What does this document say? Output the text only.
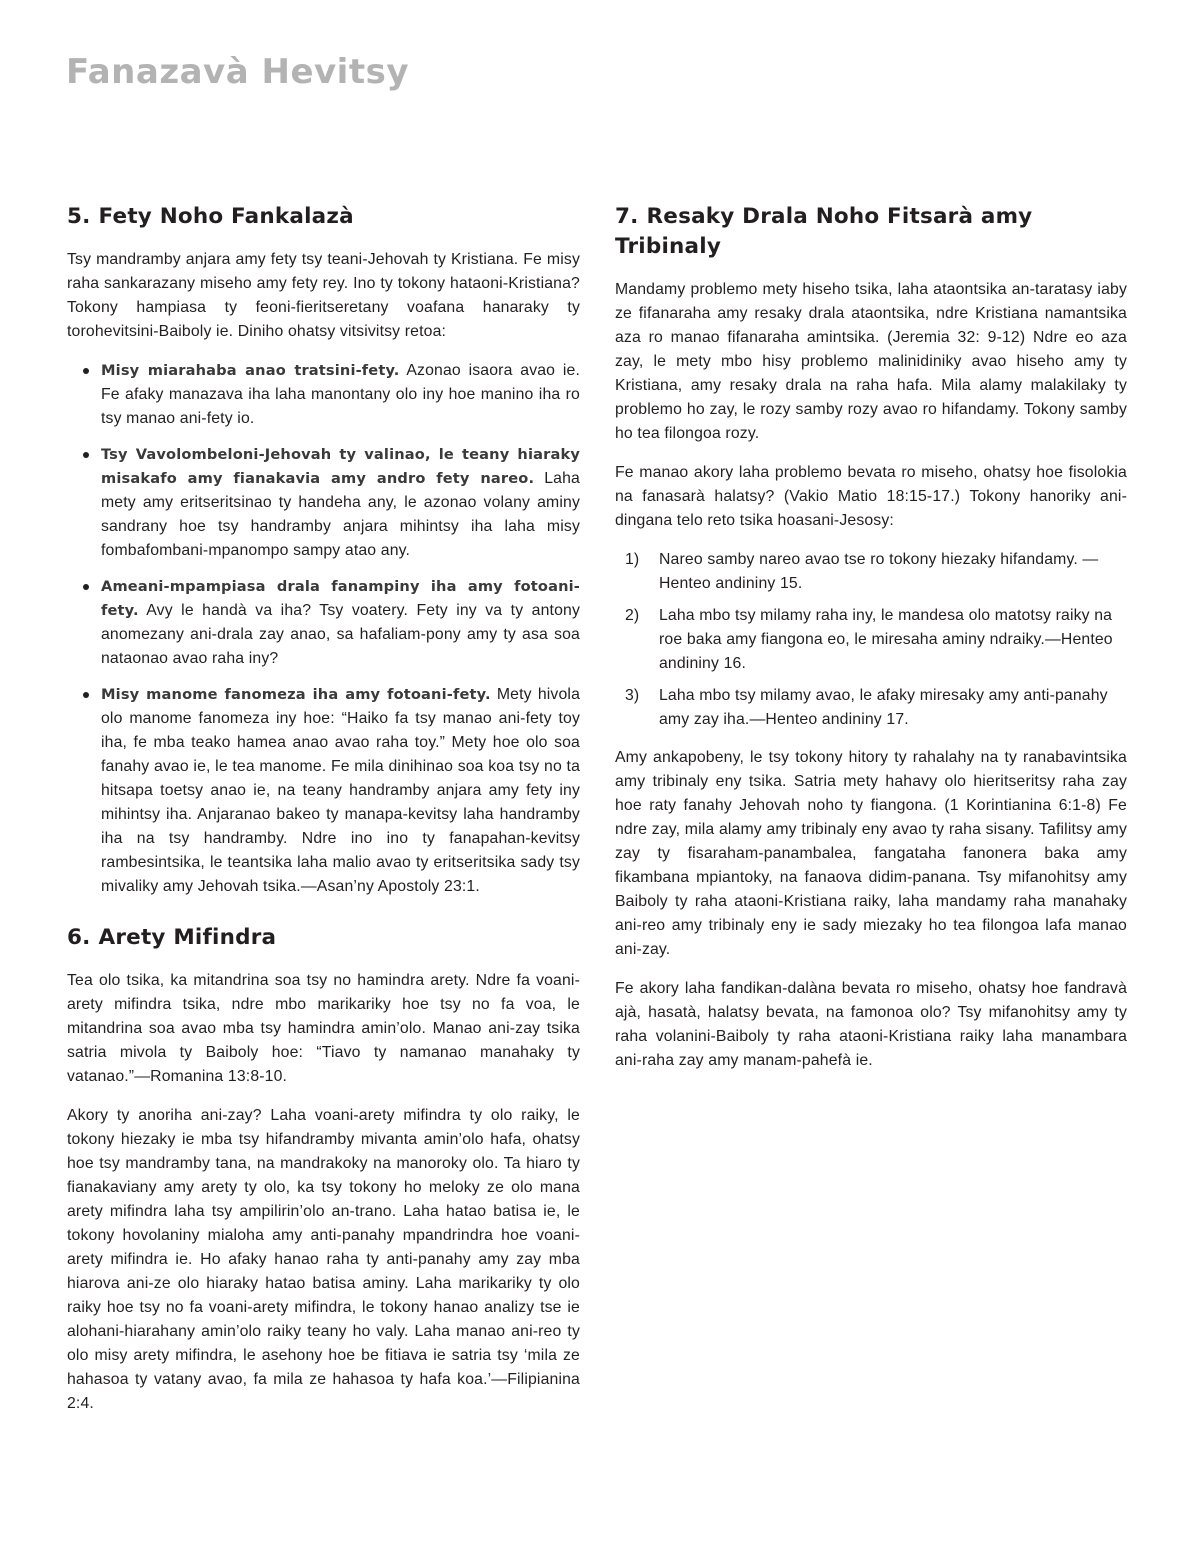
Fanazavà Hevitsy
5. Fety Noho Fankalazà

Tsy mandramby anjara amy fety tsy teani-Jehovah ty Kristiana. Fe misy raha sankarazany miseho amy fety rey. Ino ty tokony hataoni-Kristiana? Tokony hampiasa ty feoni-fieritseretany voafana hanaraky ty torohevitsini-Baiboly ie. Diniho ohatsy vitsivitsy retoa:

Misy miarahaba anao tratsini-fety. Azonao isaora avao ie. Fe afaky manazava iha laha manontany olo iny hoe manino iha ro tsy manao ani-fety io.
Tsy Vavolombeloni-Jehovah ty valinao, le teany hiaraky misakafo amy fianakavia amy andro fety nareo. Laha mety amy eritseritsinao ty handeha any, le azonao volany aminy sandrany hoe tsy handramby anjara mihintsy iha laha misy fombafombani-mpanompo sampy atao any.
Ameani-mpampiasa drala fanampiny iha amy fotoani-fety. Avy le handà va iha? Tsy voatery. Fety iny va ty antony anomezany ani-drala zay anao, sa hafaliam-pony amy ty asa soa nataonao avao raha iny?
Misy manome fanomeza iha amy fotoani-fety. Mety hivola olo manome fanomeza iny hoe: “Haiko fa tsy manao ani-fety toy iha, fe mba teako hamea anao avao raha toy.” Mety hoe olo soa fanahy avao ie, le tea manome. Fe mila dinihinao soa koa tsy no ta hitsapa toetsy anao ie, na teany handramby anjara amy fety iny mihintsy iha. Anjaranao bakeo ty manapa-kevitsy laha handramby iha na tsy handramby. Ndre ino ino ty fanapahan-kevitsy rambesintsika, le teantsika laha malio avao ty eritseritsika sady tsy mivaliky amy Jehovah tsika.—Asan’ny Apostoly 23:1.
6. Arety Mifindra

Tea olo tsika, ka mitandrina soa tsy no hamindra arety. Ndre fa voani-arety mifindra tsika, ndre mbo marikariky hoe tsy no fa voa, le mitandrina soa avao mba tsy hamindra amin’olo. Manao ani-zay tsika satria mivola ty Baiboly hoe: “Tiavo ty namanao manahaky ty vatanao.”—Romanina 13:8-10.

Akory ty anoriha ani-zay? Laha voani-arety mifindra ty olo raiky, le tokony hiezaky ie mba tsy hifandramby mivanta amin’olo hafa, ohatsy hoe tsy mandramby tana, na mandrakoky na manoroky olo. Ta hiaro ty fianakaviany amy arety ty olo, ka tsy tokony ho meloky ze olo mana arety mifindra laha tsy ampilirin’olo an-trano. Laha hatao batisa ie, le tokony hovolaniny mialoha amy anti-panahy mpandrindra hoe voani-arety mifindra ie. Ho afaky hanao raha ty anti-panahy amy zay mba hiarova ani-ze olo hiaraky hatao batisa aminy. Laha marikariky ty olo raiky hoe tsy no fa voani-arety mifindra, le tokony hanao analizy tse ie alohani-hiarahany amin’olo raiky teany ho valy. Laha manao ani-reo ty olo misy arety mifindra, le asehony hoe be fitiava ie satria tsy ‘mila ze hahasoa ty vatany avao, fa mila ze hahasoa ty hafa koa.’—Filipianina 2:4.

7. Resaky Drala Noho Fitsarà amy Tribinaly

Mandamy problemo mety hiseho tsika, laha ataontsika an-taratasy iaby ze fifanaraha amy resaky drala ataontsika, ndre Kristiana namantsika aza ro manao fifanaraha amintsika. (Jeremia 32: 9-12) Ndre eo aza zay, le mety mbo hisy problemo malinidiniky avao hiseho amy ty Kristiana, amy resaky drala na raha hafa. Mila alamy malakilaky ty problemo ho zay, le rozy samby rozy avao ro hifandamy. Tokony samby ho tea filongoa rozy.

Fe manao akory laha problemo bevata ro miseho, ohatsy hoe fisolokia na fanasarà halatsy? (Vakio Matio 18:15-17.) Tokony hanoriky ani-dingana telo reto tsika hoasani-Jesosy:

1) Nareo samby nareo avao tse ro tokony hiezaky hifandamy. —Henteo andininy 15.
2) Laha mbo tsy milamy raha iny, le mandesa olo matotsy raiky na roe baka amy fiangona eo, le miresaha aminy ndraiky.—Henteo andininy 16.
3) Laha mbo tsy milamy avao, le afaky miresaky amy anti-panahy amy zay iha.—Henteo andininy 17.

Amy ankapobeny, le tsy tokony hitory ty rahalahy na ty ranabavintsika amy tribinaly eny tsika. Satria mety hahavy olo hieritseritsy raha zay hoe raty fanahy Jehovah noho ty fiangona. (1 Korintianina 6:1-8) Fe ndre zay, mila alamy amy tribinaly eny avao ty raha sisany. Tafilitsy amy zay ty fisaraham-panambalea, fangataha fanonera baka amy fikambana mpiantoky, na fanaova didim-panana. Tsy mifanohitsy amy Baiboly ty raha ataoni-Kristiana raiky, laha mandamy raha manahaky ani-reo amy tribinaly eny ie sady miezaky ho tea filongoa lafa manao ani-zay.

Fe akory laha fandikan-dalàna bevata ro miseho, ohatsy hoe fandravà ajà, hasatà, halatsy bevata, na famonoa olo? Tsy mifanohitsy amy ty raha volanini-Baiboly ty raha ataoni-Kristiana raiky laha manambara ani-raha zay amy manam-pahefà ie.
